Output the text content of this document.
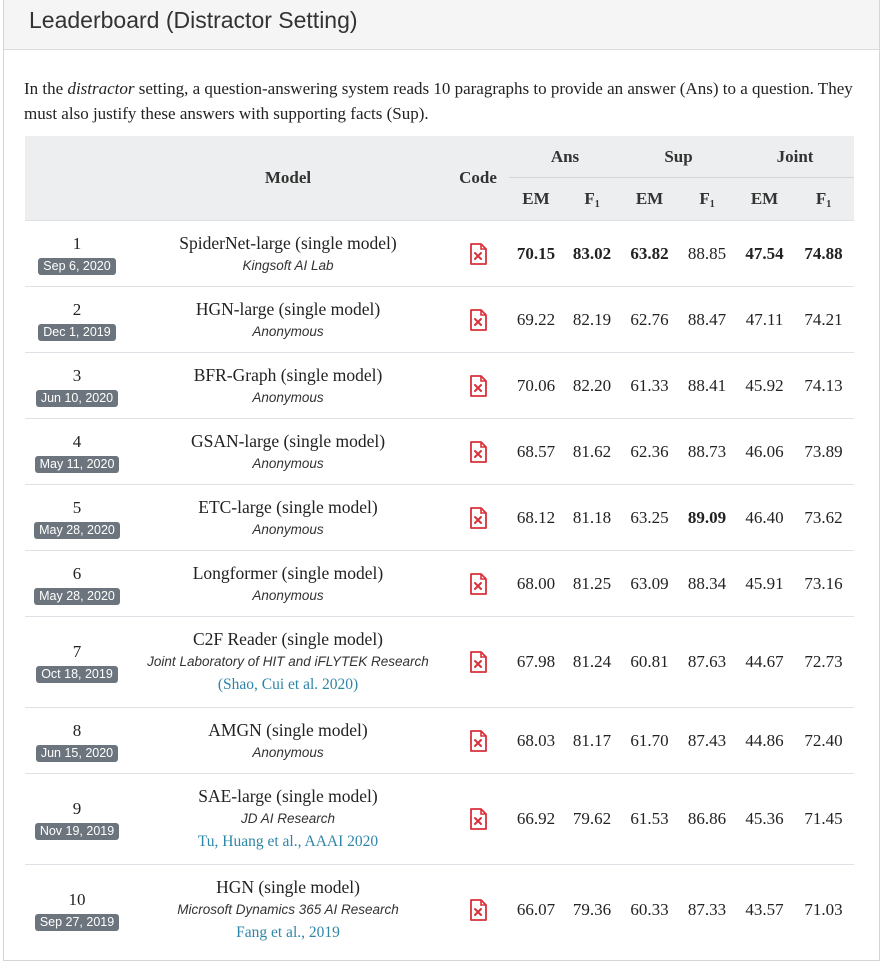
Leaderboard (Distractor Setting)

In the distractor setting, a question-answering system reads 10 paragraphs to provide an answer (Ans) to a question. They must also justify these answers with supporting facts (Sup).

	Model	Code	Ans		Sup		Joint	
			EM	F1	EM	F1	EM	F1

1
Sep 6, 2020	SpiderNet-large (single model)
Kingsoft AI Lab		70.15	83.02	63.82	88.85	47.54	74.88

2
Dec 1, 2019	HGN-large (single model)
Anonymous		69.22	82.19	62.76	88.47	47.11	74.21

3
Jun 10, 2020	BFR-Graph (single model)
Anonymous		70.06	82.20	61.33	88.41	45.92	74.13

4
May 11, 2020	GSAN-large (single model)
Anonymous		68.57	81.62	62.36	88.73	46.06	73.89

5
May 28, 2020	ETC-large (single model)
Anonymous		68.12	81.18	63.25	89.09	46.40	73.62

6
May 28, 2020	Longformer (single model)
Anonymous		68.00	81.25	63.09	88.34	45.91	73.16

7
Oct 18, 2019	C2F Reader (single model)
Joint Laboratory of HIT and iFLYTEK Research
(Shao, Cui et al. 2020)		67.98	81.24	60.81	87.63	44.67	72.73

8
Jun 15, 2020	AMGN (single model)
Anonymous		68.03	81.17	61.70	87.43	44.86	72.40

9
Nov 19, 2019	SAE-large (single model)
JD AI Research
Tu, Huang et al., AAAI 2020		66.92	79.62	61.53	86.86	45.36	71.45

10
Sep 27, 2019	HGN (single model)
Microsoft Dynamics 365 AI Research
Fang et al., 2019		66.07	79.36	60.33	87.33	43.57	71.03
